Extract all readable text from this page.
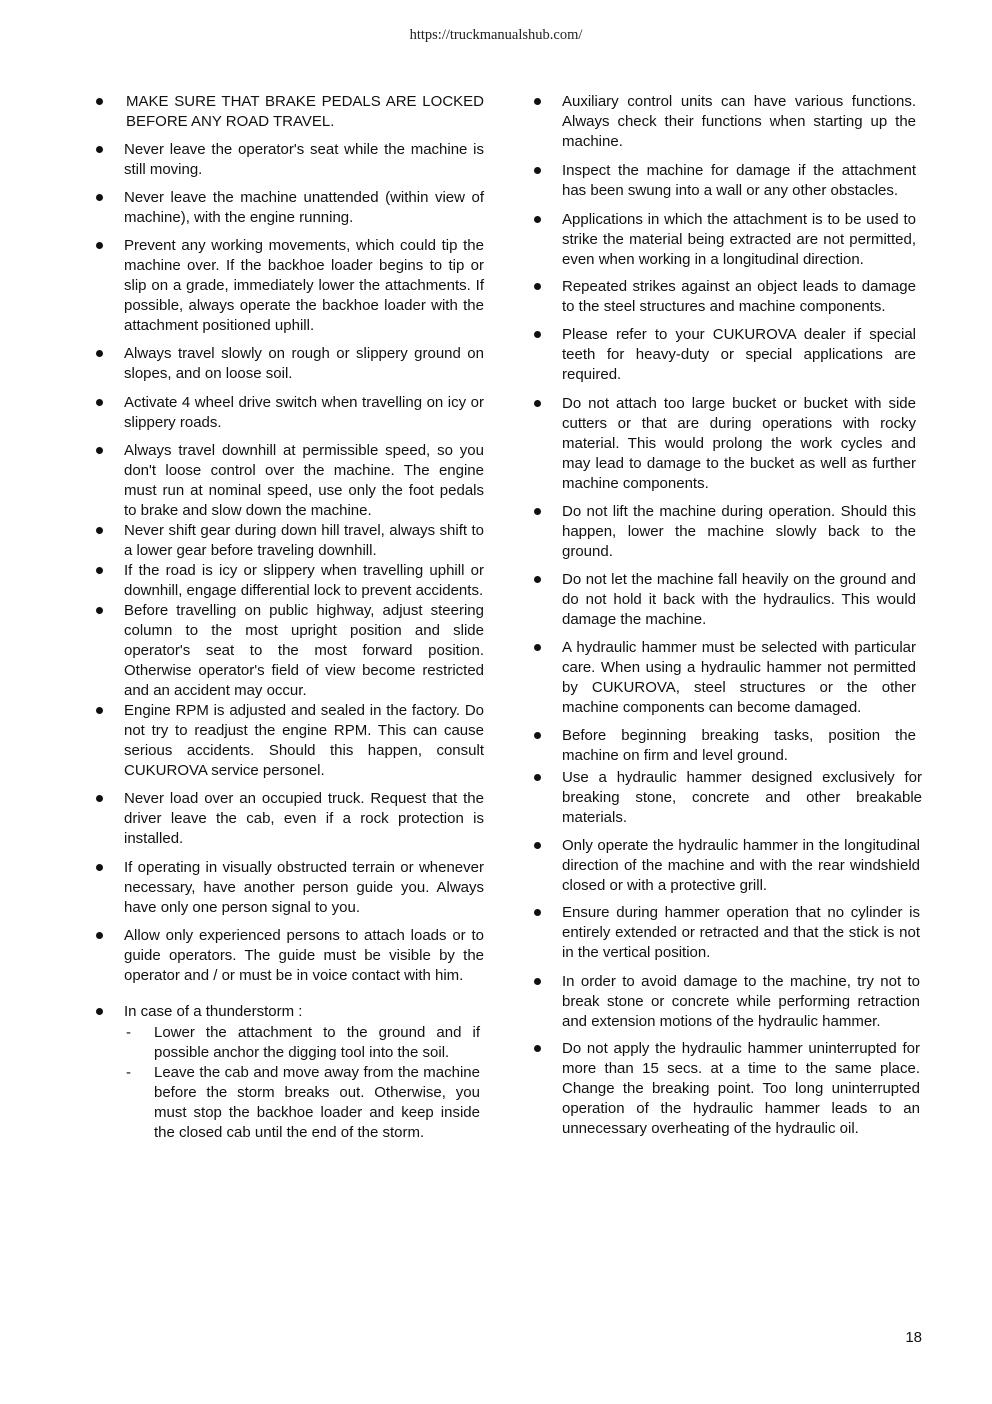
https://truckmanualshub.com/
MAKE SURE THAT BRAKE PEDALS ARE LOCKED BEFORE ANY ROAD TRAVEL.
Never leave the operator's seat while the machine is still moving.
Never leave the machine unattended (within view of machine), with the engine running.
Prevent any working movements, which could tip the machine over. If the backhoe loader begins to tip or slip on a grade, immediately lower the attachments. If possible, always operate the backhoe loader with the attachment positioned uphill.
Always travel slowly on rough or slippery ground on slopes, and on loose soil.
Activate 4 wheel drive switch when travelling on icy or slippery roads.
Always travel downhill at permissible speed, so you don't loose control over the machine. The engine must run at nominal speed, use only the foot pedals to brake and slow down the machine.
Never shift gear during down hill travel, always shift to a lower gear before traveling downhill.
If the road is icy or slippery when travelling uphill or downhill, engage differential lock to prevent accidents.
Before travelling on public highway, adjust steering column to the most upright position and slide operator's seat to the most forward position. Otherwise operator's field of view become restricted and an accident may occur.
Engine RPM is adjusted and sealed in the factory. Do not try to readjust the engine RPM. This can cause serious accidents. Should this happen, consult CUKUROVA service personel.
Never load over an occupied truck. Request that the driver leave the cab, even if a rock protection is installed.
If operating in visually obstructed terrain or whenever necessary, have another person guide you. Always have only one person signal to you.
Allow only experienced persons to attach loads or to guide operators. The guide must be visible by the operator and / or must be in voice contact with him.
In case of a thunderstorm :
- Lower the attachment to the ground and if possible anchor the digging tool into the soil.
- Leave the cab and move away from the machine before the storm breaks out. Otherwise, you must stop the backhoe loader and keep inside the closed cab until the end of the storm.
Auxiliary control units can have various functions. Always check their functions when starting up the machine.
Inspect the machine for damage if the attachment has been swung into a wall or any other obstacles.
Applications in which the attachment is to be used to strike the material being extracted are not permitted, even when working in a longitudinal direction.
Repeated strikes against an object leads to damage to the steel structures and machine components.
Please refer to your CUKUROVA dealer if special teeth for heavy-duty or special applications are required.
Do not attach too large bucket or bucket with side cutters or that are during operations with rocky material. This would prolong the work cycles and may lead to damage to the bucket as well as further machine components.
Do not lift the machine during operation. Should this happen, lower the machine slowly back to the ground.
Do not let the machine fall heavily on the ground and do not hold it back with the hydraulics. This would damage the machine.
A hydraulic hammer must be selected with particular care. When using a hydraulic hammer not permitted by CUKUROVA, steel structures or the other machine components can become damaged.
Before beginning breaking tasks, position the machine on firm and level ground.
Use a hydraulic hammer designed exclusively for breaking stone, concrete and other breakable materials.
Only operate the hydraulic hammer in the longitudinal direction of the machine and with the rear windshield closed or with a protective grill.
Ensure during hammer operation that no cylinder is entirely extended or retracted and that the stick is not in the vertical position.
In order to avoid damage to the machine, try not to break stone or concrete while performing retraction and extension motions of the hydraulic hammer.
Do not apply the hydraulic hammer uninterrupted for more than 15 secs. at a time to the same place. Change the breaking point. Too long uninterrupted operation of the hydraulic hammer leads to an unnecessary overheating of the hydraulic oil.
18
